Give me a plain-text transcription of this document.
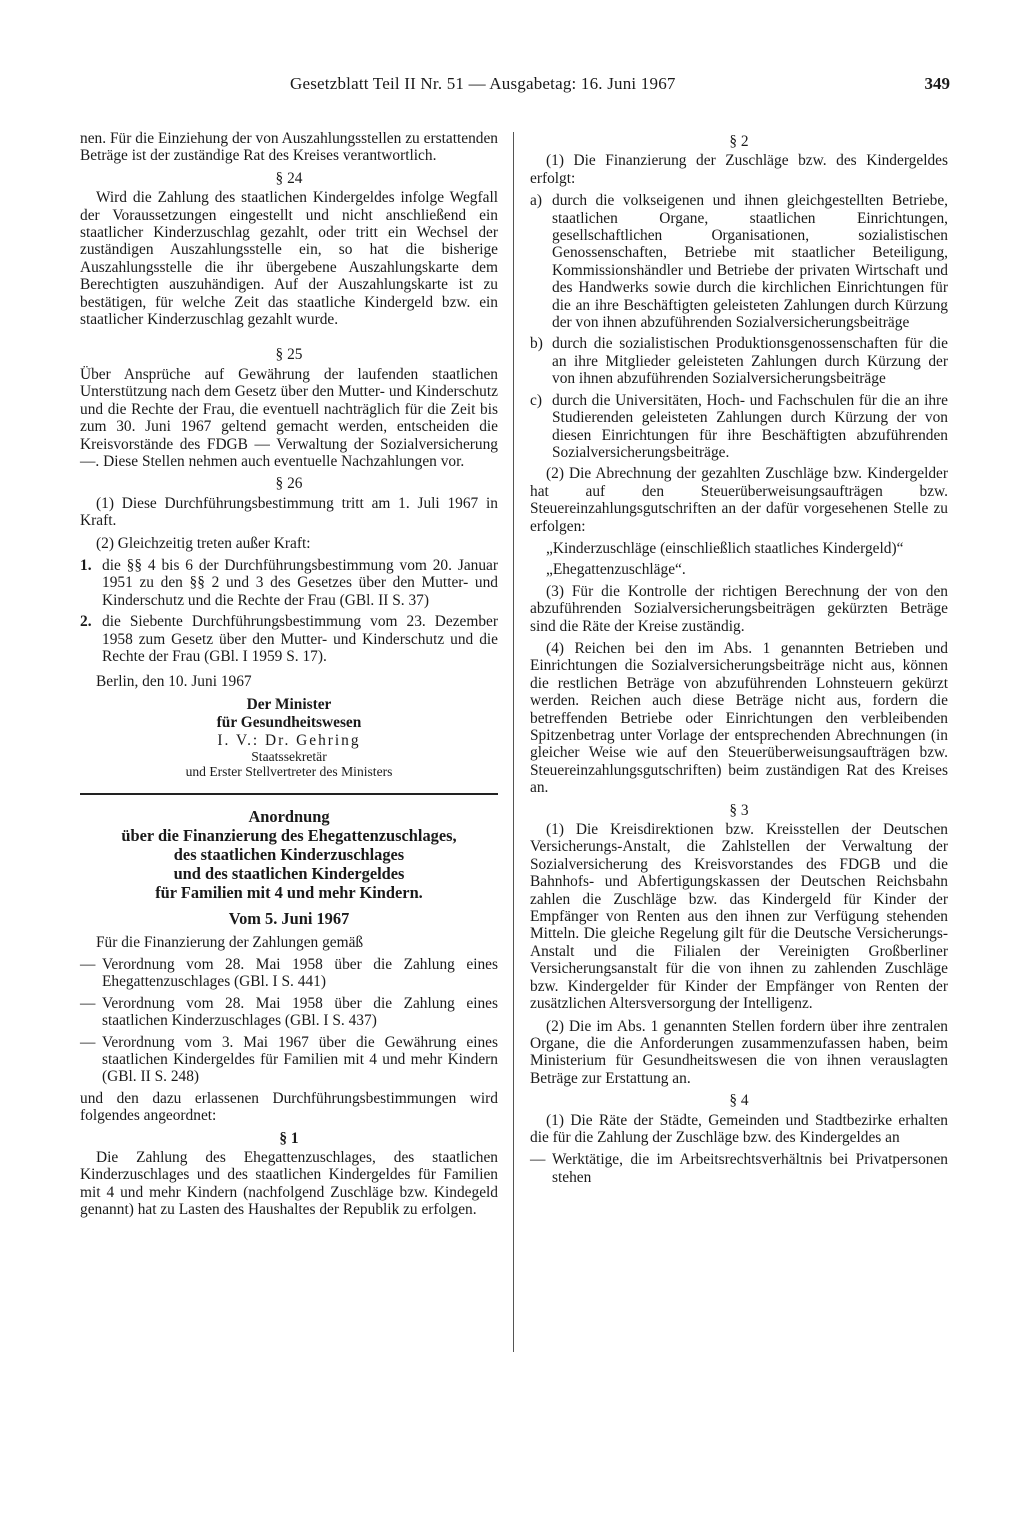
Gesetzblatt Teil II Nr. 51 — Ausgabetag: 16. Juni 1967	349

nen. Für die Einziehung der von Auszahlungsstellen zu erstattenden Beträge ist der zuständige Rat des Kreises verantwortlich.

§ 24

Wird die Zahlung des staatlichen Kindergeldes infolge Wegfall der Voraussetzungen eingestellt und nicht anschließend ein staatlicher Kinderzuschlag gezahlt, oder tritt ein Wechsel der zuständigen Auszahlungsstelle ein, so hat die bisherige Auszahlungsstelle die ihr übergebene Auszahlungskarte dem Berechtigten auszuhändigen. Auf der Auszahlungskarte ist zu bestätigen, für welche Zeit das staatliche Kindergeld bzw. ein staatlicher Kinderzuschlag gezahlt wurde.

§ 25

Über Ansprüche auf Gewährung der laufenden staatlichen Unterstützung nach dem Gesetz über den Mutter- und Kinderschutz und die Rechte der Frau, die eventuell nachträglich für die Zeit bis zum 30. Juni 1967 geltend gemacht werden, entscheiden die Kreisvorstände des FDGB — Verwaltung der Sozialversicherung —. Diese Stellen nehmen auch eventuelle Nachzahlungen vor.

§ 26

(1) Diese Durchführungsbestimmung tritt am 1. Juli 1967 in Kraft.

(2) Gleichzeitig treten außer Kraft:

1. die §§ 4 bis 6 der Durchführungsbestimmung vom 20. Januar 1951 zu den §§ 2 und 3 des Gesetzes über den Mutter- und Kinderschutz und die Rechte der Frau (GBl. II S. 37)
2. die Siebente Durchführungsbestimmung vom 23. Dezember 1958 zum Gesetz über den Mutter- und Kinderschutz und die Rechte der Frau (GBl. I 1959 S. 17).

Berlin, den 10. Juni 1967

Der Minister
für Gesundheitswesen
I. V.: Dr. Gehring
Staatssekretär
und Erster Stellvertreter des Ministers
Anordnung
über die Finanzierung des Ehegattenzuschlages,
des staatlichen Kinderzuschlages
und des staatlichen Kindergeldes
für Familien mit 4 und mehr Kindern.
Vom 5. Juni 1967

Für die Finanzierung der Zahlungen gemäß

— Verordnung vom 28. Mai 1958 über die Zahlung eines Ehegattenzuschlages (GBl. I S. 441)
— Verordnung vom 28. Mai 1958 über die Zahlung eines staatlichen Kinderzuschlages (GBl. I S. 437)
— Verordnung vom 3. Mai 1967 über die Gewährung eines staatlichen Kindergeldes für Familien mit 4 und mehr Kindern (GBl. II S. 248)

und den dazu erlassenen Durchführungsbestimmungen wird folgendes angeordnet:

§ 1

Die Zahlung des Ehegattenzuschlages, des staatlichen Kinderzuschlages und des staatlichen Kindergeldes für Familien mit 4 und mehr Kindern (nachfolgend Zuschläge bzw. Kindegeld genannt) hat zu Lasten des Haushaltes der Republik zu erfolgen.

§ 2

(1) Die Finanzierung der Zuschläge bzw. des Kindergeldes erfolgt:

a) durch die volkseigenen und ihnen gleichgestellten Betriebe, staatlichen Organe, staatlichen Einrichtungen, gesellschaftlichen Organisationen, sozialistischen Genossenschaften, Betriebe mit staatlicher Beteiligung, Kommissionshändler und Betriebe der privaten Wirtschaft und des Handwerks sowie durch die kirchlichen Einrichtungen für die an ihre Beschäftigten geleisteten Zahlungen durch Kürzung der von ihnen abzuführenden Sozialversicherungsbeiträge
b) durch die sozialistischen Produktionsgenossenschaften für die an ihre Mitglieder geleisteten Zahlungen durch Kürzung der von ihnen abzuführenden Sozialversicherungsbeiträge
c) durch die Universitäten, Hoch- und Fachschulen für die an ihre Studierenden geleisteten Zahlungen durch Kürzung der von diesen Einrichtungen für ihre Beschäftigten abzuführenden Sozialversicherungsbeiträge.

(2) Die Abrechnung der gezahlten Zuschläge bzw. Kindergelder hat auf den Steuerüberweisungsaufträgen bzw. Steuereinzahlungsgutschriften an der dafür vorgesehenen Stelle zu erfolgen:

„Kinderzuschläge (einschließlich staatliches Kindergeld)“

„Ehegattenzuschläge“.

(3) Für die Kontrolle der richtigen Berechnung der von den abzuführenden Sozialversicherungsbeiträgen gekürzten Beträge sind die Räte der Kreise zuständig.

(4) Reichen bei den im Abs. 1 genannten Betrieben und Einrichtungen die Sozialversicherungsbeiträge nicht aus, können die restlichen Beträge von abzuführenden Lohnsteuern gekürzt werden. Reichen auch diese Beträge nicht aus, fordern die betreffenden Betriebe oder Einrichtungen den verbleibenden Spitzenbetrag unter Vorlage der entsprechenden Abrechnungen (in gleicher Weise wie auf den Steuerüberweisungsaufträgen bzw. Steuereinzahlungsgutschriften) beim zuständigen Rat des Kreises an.

§ 3

(1) Die Kreisdirektionen bzw. Kreisstellen der Deutschen Versicherungs-Anstalt, die Zahlstellen der Verwaltung der Sozialversicherung des Kreisvorstandes des FDGB und die Bahnhofs- und Abfertigungskassen der Deutschen Reichsbahn zahlen die Zuschläge bzw. das Kindergeld für Kinder der Empfänger von Renten aus den ihnen zur Verfügung stehenden Mitteln. Die gleiche Regelung gilt für die Deutsche Versicherungs-Anstalt und die Filialen der Vereinigten Großberliner Versicherungsanstalt für die von ihnen zu zahlenden Zuschläge bzw. Kindergelder für Kinder der Empfänger von Renten der zusätzlichen Altersversorgung der Intelligenz.

(2) Die im Abs. 1 genannten Stellen fordern über ihre zentralen Organe, die die Anforderungen zusammenzufassen haben, beim Ministerium für Gesundheitswesen die von ihnen verauslagten Beträge zur Erstattung an.

§ 4

(1) Die Räte der Städte, Gemeinden und Stadtbezirke erhalten die für die Zahlung der Zuschläge bzw. des Kindergeldes an

— Werktätige, die im Arbeitsrechtsverhältnis bei Privatpersonen stehen
